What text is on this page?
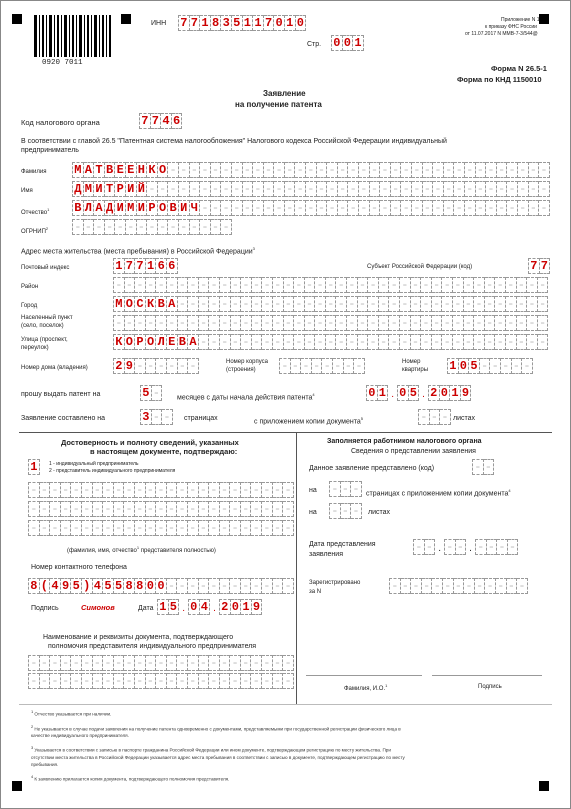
0920 7011
ИНН 7 7 1 8 3 5 1 1 7 0 1 0
Стр. 0 0 1
Приложение N 1
к приказу ФНС России
от 11.07.2017 N ММВ-7-3/544@
Форма N 26.5-1
Форма по КНД 1150010
Заявление
на получение патента
Код налогового органа	7 7 4 6
В соответствии с главой 26.5 "Патентная система налогообложения" Налогового кодекса Российской Федерации индивидуальный
предприниматель
Фамилия М А Т В Е Е Н К О - - - - - - - - - - - - - - - - - - - - - - - - - - - - - - - - - - - -
Имя	Д М И Т Р И Й - - - - - - - - - - - - - - - - - - - - - - - - - - - - - - - - - - - - - -
Отчество$^1$ В Л А Д И М И Р О В И Ч - - - - - - - - - - - - - - - - - - - - - - - - - - - - - - - - -
ОГРНИП$^2$ - - - - - - - - - - - - - - -
Адрес места жительства (места пребывания) в Российской Федерации$^3$
Почтовый индекс	1 7 7 1 6 6	Субъект Российской Федерации (код)	7 7
Район	- - - - - - - - - - - - - - - - - - - - - - - - - - - - - - - - - - - - - - - - -
Город	М О С К В А - - - - - - - - - - - - - - - - - - - - - - - - - - - - - - - - - - -
Населенный пункт
(село, поселок)	- - - - - - - - - - - - - - - - - - - - - - - - - - - - - - - - - - - - - - - - -
Улица (проспект,
переулок)	К О Р О Л Е В А - - - - - - - - - - - - - - - - - - - - - - - - - - - - - - - - -
Номер дома (владения) 2 9 - - - - - -	Номер корпуса
(строения) - - - - - - - -	Номер
квартиры 1 0 5 - - - - -
прошу выдать патент на	5 -	месяцев с даты начала действия патента$^4$	0 1 . 0 5 . 2 0 1 9
Заявление составлено на	3 - -	страницах	с приложением копии документа$^5$	- - - листах
Достоверность и полноту сведений, указанных
в настоящем документе, подтверждаю:
1	1 - индивидуальный предприниматель
2 - представитель индивидуального предпринимателя
- - - - - - - - - - - - - - - - - - - - - - - - -
- - - - - - - - - - - - - - - - - - - - - - - - -
- - - - - - - - - - - - - - - - - - - - - - - - -
(фамилия, имя, отчество$^1$ представителя полностью)
Номер контактного телефона
8 ( 4 9 5 ) 4 5 5 8 8 0 0 - - - - - - - - - - - -
Подпись	Симонов	Дата 1 5 . 0 4 . 2 0 1 9
Наименование и реквизиты документа, подтверждающего
полномочия представителя индивидуального предпринимателя
- - - - - - - - - - - - - - - - - - - - - - - - -
- - - - - - - - - - - - - - - - - - - - - - - - -
Заполняется работником налогового органа
Сведения о представлении заявления
Данное заявление представлено (код)	- -
на - - - страницах с приложением копии документа$^4$
на - - -	листах
Дата представления
заявления
- - . - - . - - - -
Зарегистрировано
за N	- - - - - - - - - - - - -
Фамилия, И.О.$^1$	Подпись
$^1$ Отчество указывается при наличии.
$^2$ Не указывается в случае подачи заявления на получение патента одновременно с документами, представляемыми при государственной регистрации физического лица в
качестве индивидуального предпринимателя.
$^3$ Указывается в соответствии с записью в паспорте гражданина Российской Федерации или ином документе, подтверждающем регистрацию по месту жительства. При
отсутствии места жительства в Российской Федерации указывается адрес места пребывания в соответствии с записью в документе, подтверждающем регистрацию по месту
пребывания.
$^4$ К заявлению прилагается копия документа, подтверждающего полномочия представителя.
